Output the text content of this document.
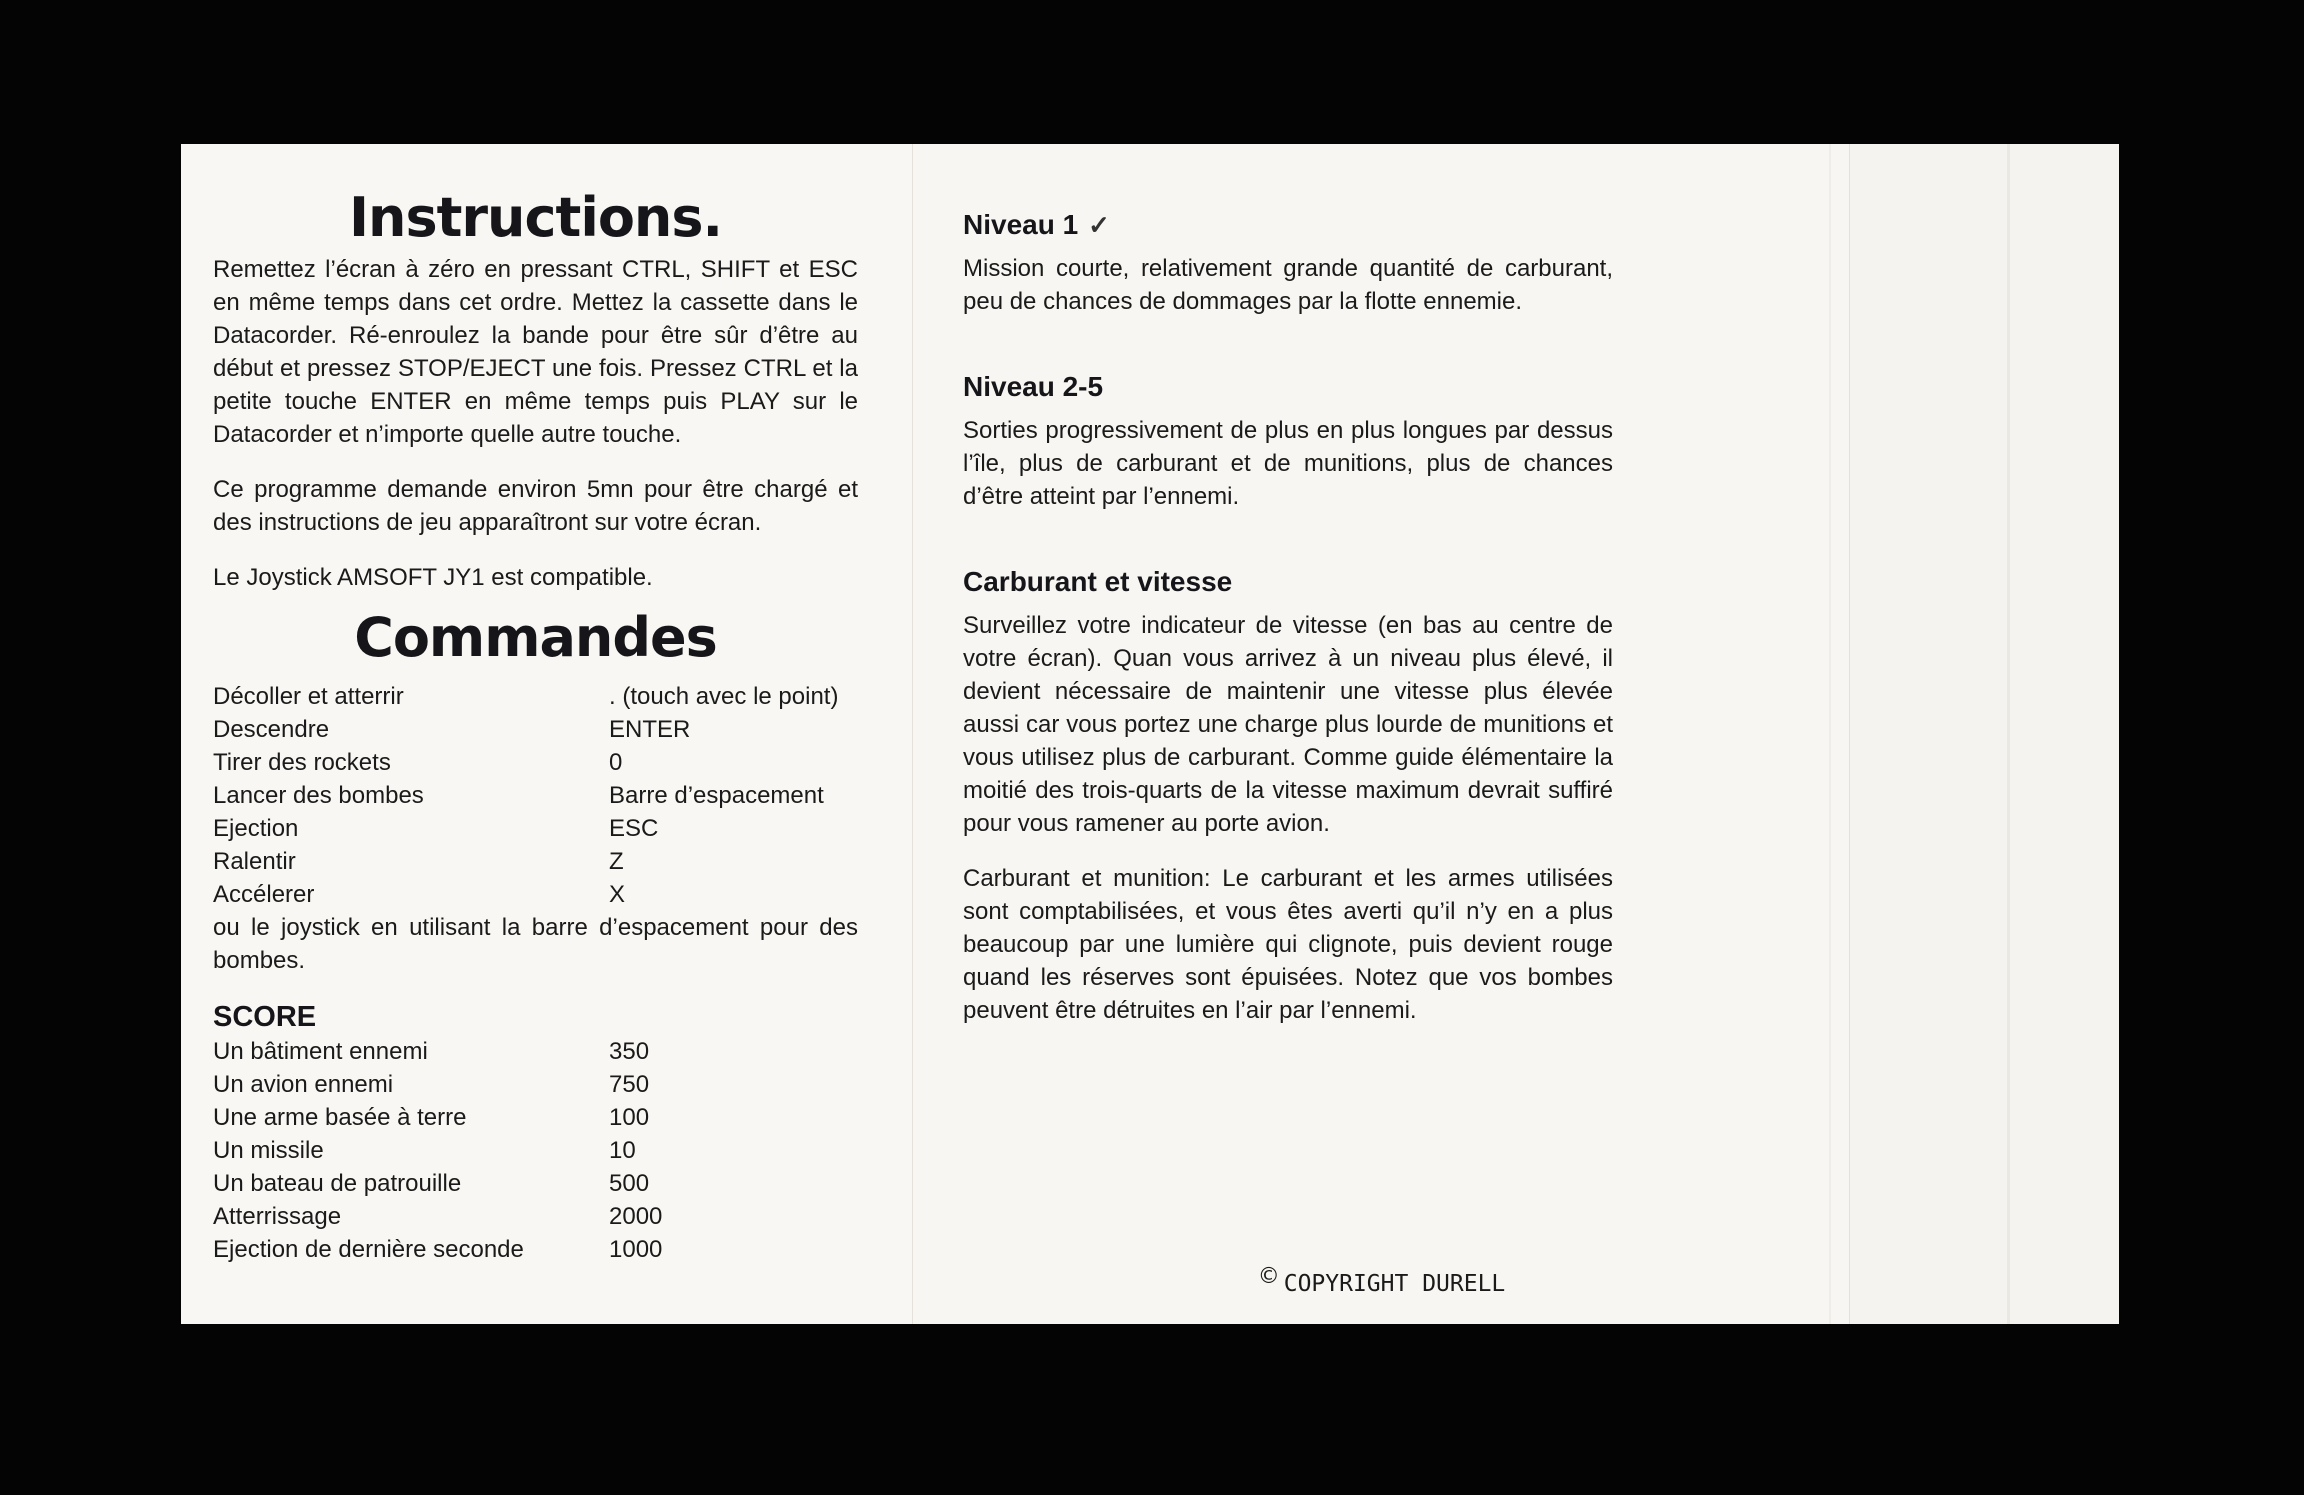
Instructions.

Remettez l’écran à zéro en pressant CTRL, SHIFT et ESC en même temps dans cet ordre. Mettez la cassette dans le Datacorder. Ré-enroulez la bande pour être sûr d’être au début et pressez STOP/EJECT une fois. Pressez CTRL et la petite touche ENTER en même temps puis PLAY sur le Datacorder et n’importe quelle autre touche.

Ce programme demande environ 5mn pour être chargé et des instructions de jeu apparaîtront sur votre écran.

Le Joystick AMSOFT JY1 est compatible.

Commandes
Décoller et atterrir	. (touch avec le point)
Descendre	ENTER
Tirer des rockets	0
Lancer des bombes	Barre d’espacement
Ejection	ESC
Ralentir	Z
Accélerer	X

ou le joystick en utilisant la barre d’espacement pour des bombes.

SCORE
Un bâtiment ennemi	350
Un avion ennemi	750
Une arme basée à terre	100
Un missile	10
Un bateau de patrouille	500
Atterrissage	2000
Ejection de dernière seconde	1000
Niveau 1 ✓

Mission courte, relativement grande quantité de carburant, peu de chances de dommages par la flotte ennemie.

Niveau 2-5

Sorties progressivement de plus en plus longues par dessus l’île, plus de carburant et de munitions, plus de chances d’être atteint par l’ennemi.

Carburant et vitesse

Surveillez votre indicateur de vitesse (en bas au centre de votre écran). Quan vous arrivez à un niveau plus élevé, il devient nécessaire de maintenir une vitesse plus élevée aussi car vous portez une charge plus lourde de munitions et vous utilisez plus de carburant. Comme guide élémentaire la moitié des trois-quarts de la vitesse maximum devrait suffiré pour vous ramener au porte avion.

Carburant et munition: Le carburant et les armes utilisées sont comptabilisées, et vous êtes averti qu’il n’y en a plus beaucoup par une lumière qui clignote, puis devient rouge quand les réserves sont épuisées. Notez que vos bombes peuvent être détruites en l’air par l’ennemi.

© COPYRIGHT DURELL
